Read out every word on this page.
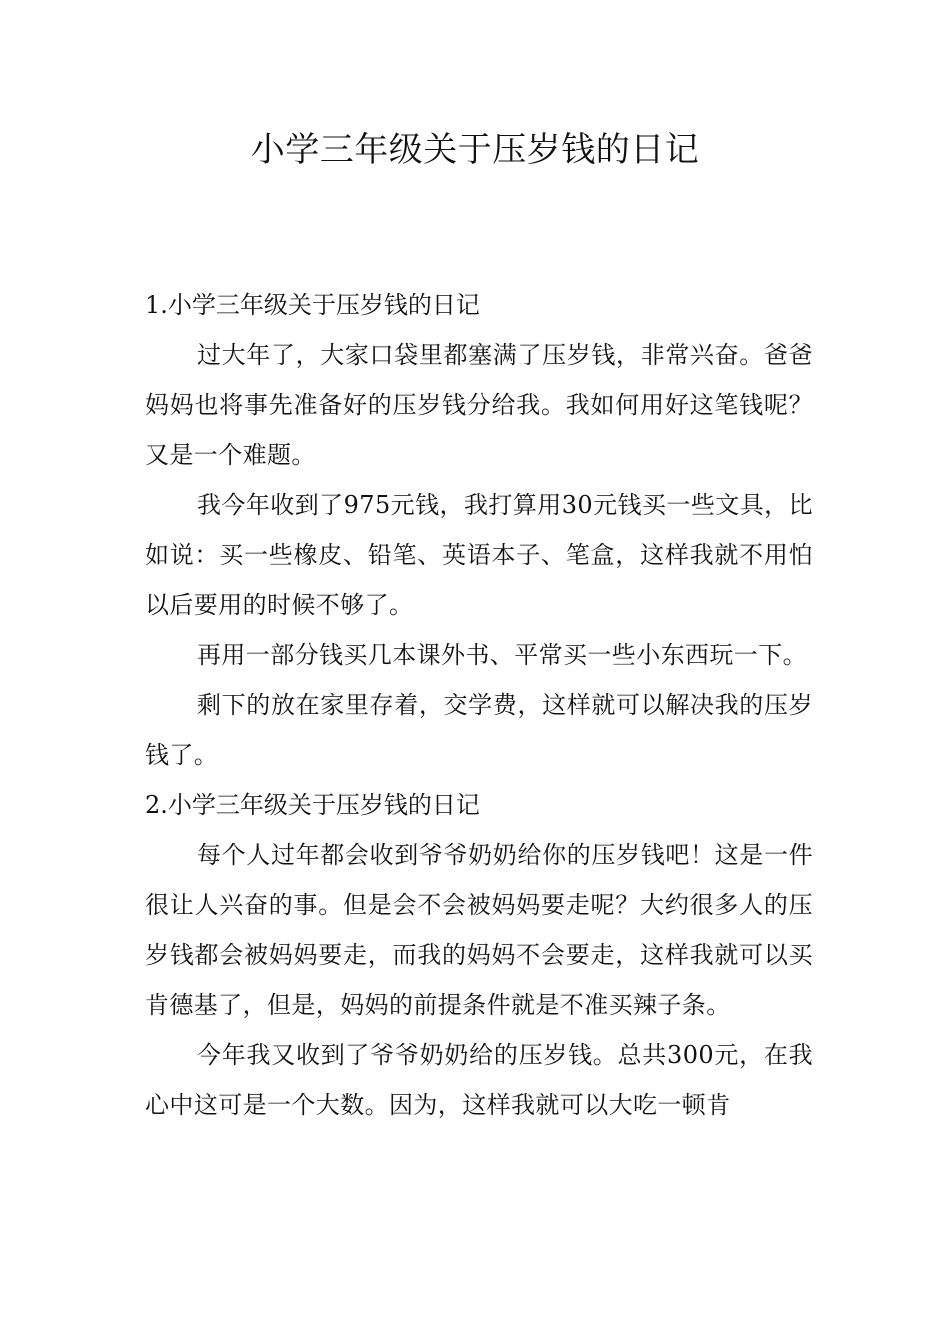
小学三年级关于压岁钱的日记
1.小学三年级关于压岁钱的日记

过大年了，大家口袋里都塞满了压岁钱，非常兴奋。爸爸妈妈也将事先准备好的压岁钱分给我。我如何用好这笔钱呢？又是一个难题。

我今年收到了975元钱，我打算用30元钱买一些文具，比如说：买一些橡皮、铅笔、英语本子、笔盒，这样我就不用怕以后要用的时候不够了。

再用一部分钱买几本课外书、平常买一些小东西玩一下。

剩下的放在家里存着，交学费，这样就可以解决我的压岁钱了。

2.小学三年级关于压岁钱的日记

每个人过年都会收到爷爷奶奶给你的压岁钱吧！这是一件很让人兴奋的事。但是会不会被妈妈要走呢？大约很多人的压岁钱都会被妈妈要走，而我的妈妈不会要走，这样我就可以买肯德基了，但是，妈妈的前提条件就是不准买辣子条。

今年我又收到了爷爷奶奶给的压岁钱。总共300元，在我心中这可是一个大数。因为，这样我就可以大吃一顿肯
